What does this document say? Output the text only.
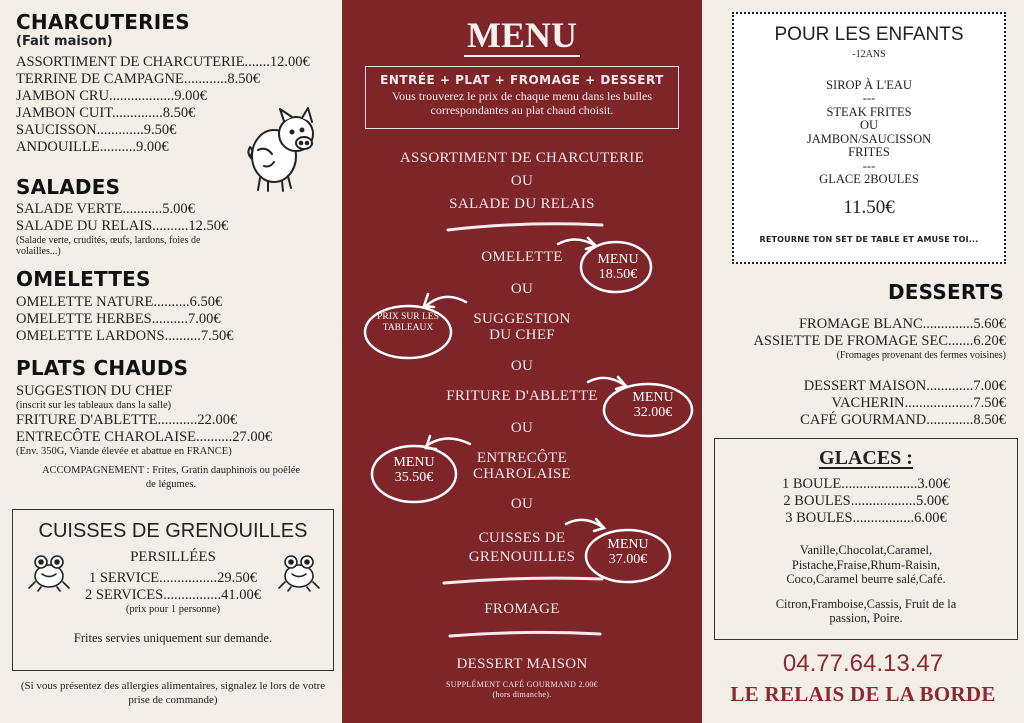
CHARCUTERIES
(Fait maison)
ASSORTIMENT DE CHARCUTERIE.......12.00€
TERRINE DE CAMPAGNE............8.50€
JAMBON CRU..................9.00€
JAMBON CUIT..............8.50€
SAUCISSON.............9.50€
ANDOUILLE..........9.00€
SALADES
SALADE VERTE...........5.00€
SALADE DU RELAIS..........12.50€
(Salade verte, crudités, œufs, lardons, foies de volailles...)
OMELETTES
OMELETTE NATURE..........6.50€
OMELETTE HERBES..........7.00€
OMELETTE LARDONS..........7.50€
PLATS CHAUDS
SUGGESTION DU CHEF
(inscrit sur les tableaux dans la salle)
FRITURE D'ABLETTE...........22.00€
ENTRECÔTE CHAROLAISE..........27.00€
(Env. 350G, Viande élevée et abattue en FRANCE)
ACCOMPAGNEMENT : Frites, Gratin dauphinois ou poêlée de légumes.
CUISSES DE GRENOUILLES
PERSILLÉES
1 SERVICE................29.50€
2 SERVICES................41.00€
(prix pour 1 personne)
Frites servies uniquement sur demande.
(Si vous présentez des allergies alimentaires, signalez le lors de votre prise de commande)
MENU
ENTRÉE + PLAT + FROMAGE + DESSERT
Vous trouverez le prix de chaque menu dans les bulles correspondantes au plat chaud choisit.
ASSORTIMENT DE CHARCUTERIE
OU
SALADE DU RELAIS
OMELETTE
OU
SUGGESTION DU CHEF
OU
FRITURE D'ABLETTE
OU
ENTRECÔTE CHAROLAISE
OU
CUISSES DE GRENOUILLES
FROMAGE
DESSERT MAISON
SUPPLÉMENT CAFÉ GOURMAND 2.00€
(hors dimanche).
MENU
18.50€
PRIX SUR LES TABLEAUX
MENU
32.00€
MENU
35.50€
MENU
37.00€
POUR LES ENFANTS
-12ANS
SIROP À L'EAU
---
STEAK FRITES
OU
JAMBON/SAUCISSON
FRITES
---
GLACE 2BOULES
11.50€
RETOURNE TON SET DE TABLE ET AMUSE TOI...
DESSERTS
FROMAGE BLANC..............5.60€
ASSIETTE DE FROMAGE SEC.......6.20€
(Fromages provenant des fermes voisines)
DESSERT MAISON.............7.00€
VACHERIN...................7.50€
CAFÉ GOURMAND.............8.50€
GLACES :
1 BOULE.....................3.00€
2 BOULES..................5.00€
3 BOULES.................6.00€
Vanille,Chocolat,Caramel, Pistache,Fraise,Rhum-Raisin, Coco,Caramel beurre salé,Café.
Citron,Framboise,Cassis, Fruit de la passion, Poire.
04.77.64.13.47
LE RELAIS DE LA BORDE
